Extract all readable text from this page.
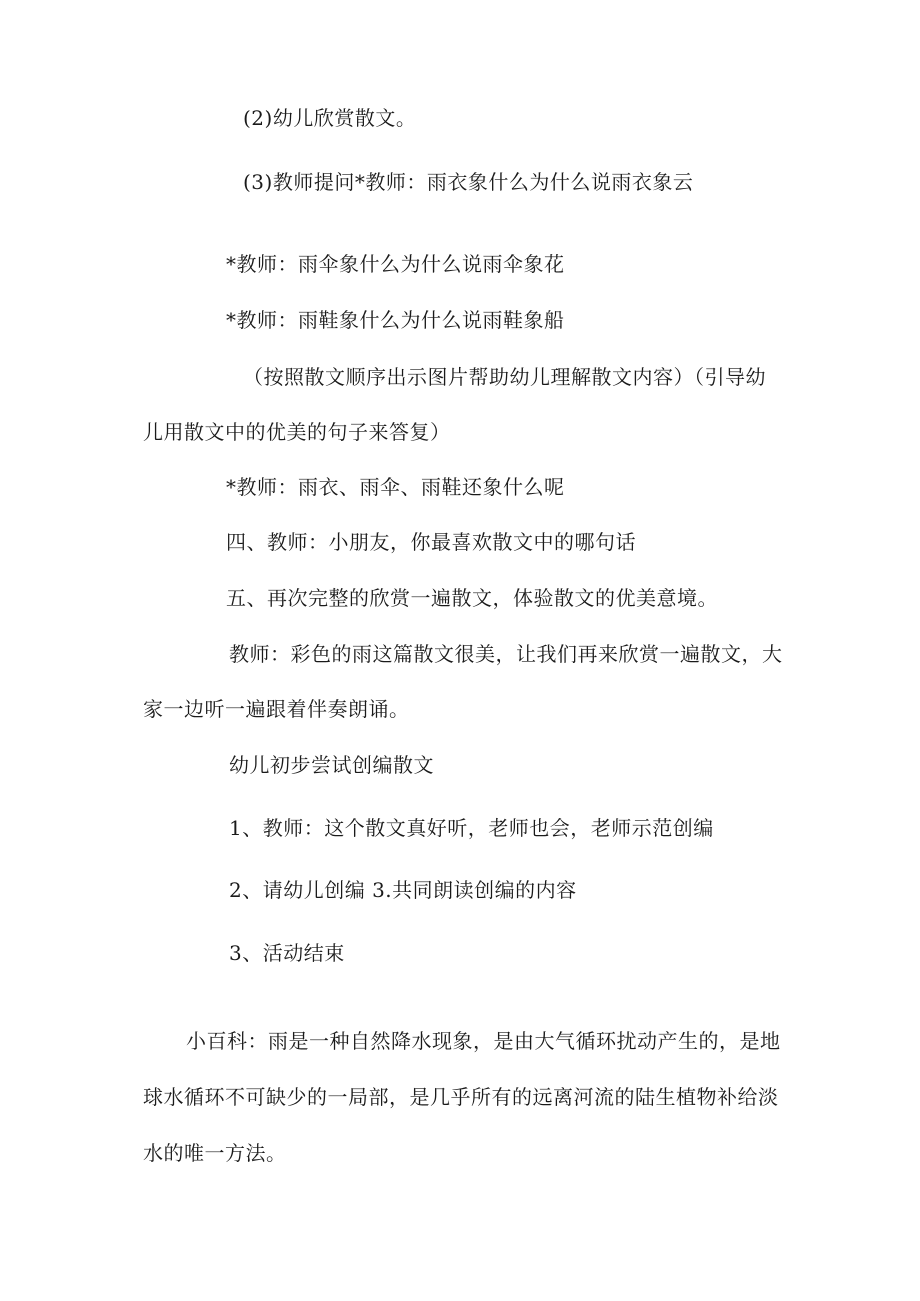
(2)幼儿欣赏散文。
(3)教师提问*教师：雨衣象什么为什么说雨衣象云
*教师：雨伞象什么为什么说雨伞象花
*教师：雨鞋象什么为什么说雨鞋象船
（按照散文顺序出示图片帮助幼儿理解散文内容）（引导幼
儿用散文中的优美的句子来答复）
*教师：雨衣、雨伞、雨鞋还象什么呢
四、教师：小朋友，你最喜欢散文中的哪句话
五、再次完整的欣赏一遍散文，体验散文的优美意境。
教师：彩色的雨这篇散文很美，让我们再来欣赏一遍散文，大
家一边听一遍跟着伴奏朗诵。
幼儿初步尝试创编散文
1、教师：这个散文真好听，老师也会，老师示范创编
2、请幼儿创编 3.共同朗读创编的内容
3、活动结束
小百科：雨是一种自然降水现象，是由大气循环扰动产生的，是地
球水循环不可缺少的一局部，是几乎所有的远离河流的陆生植物补给淡
水的唯一方法。
